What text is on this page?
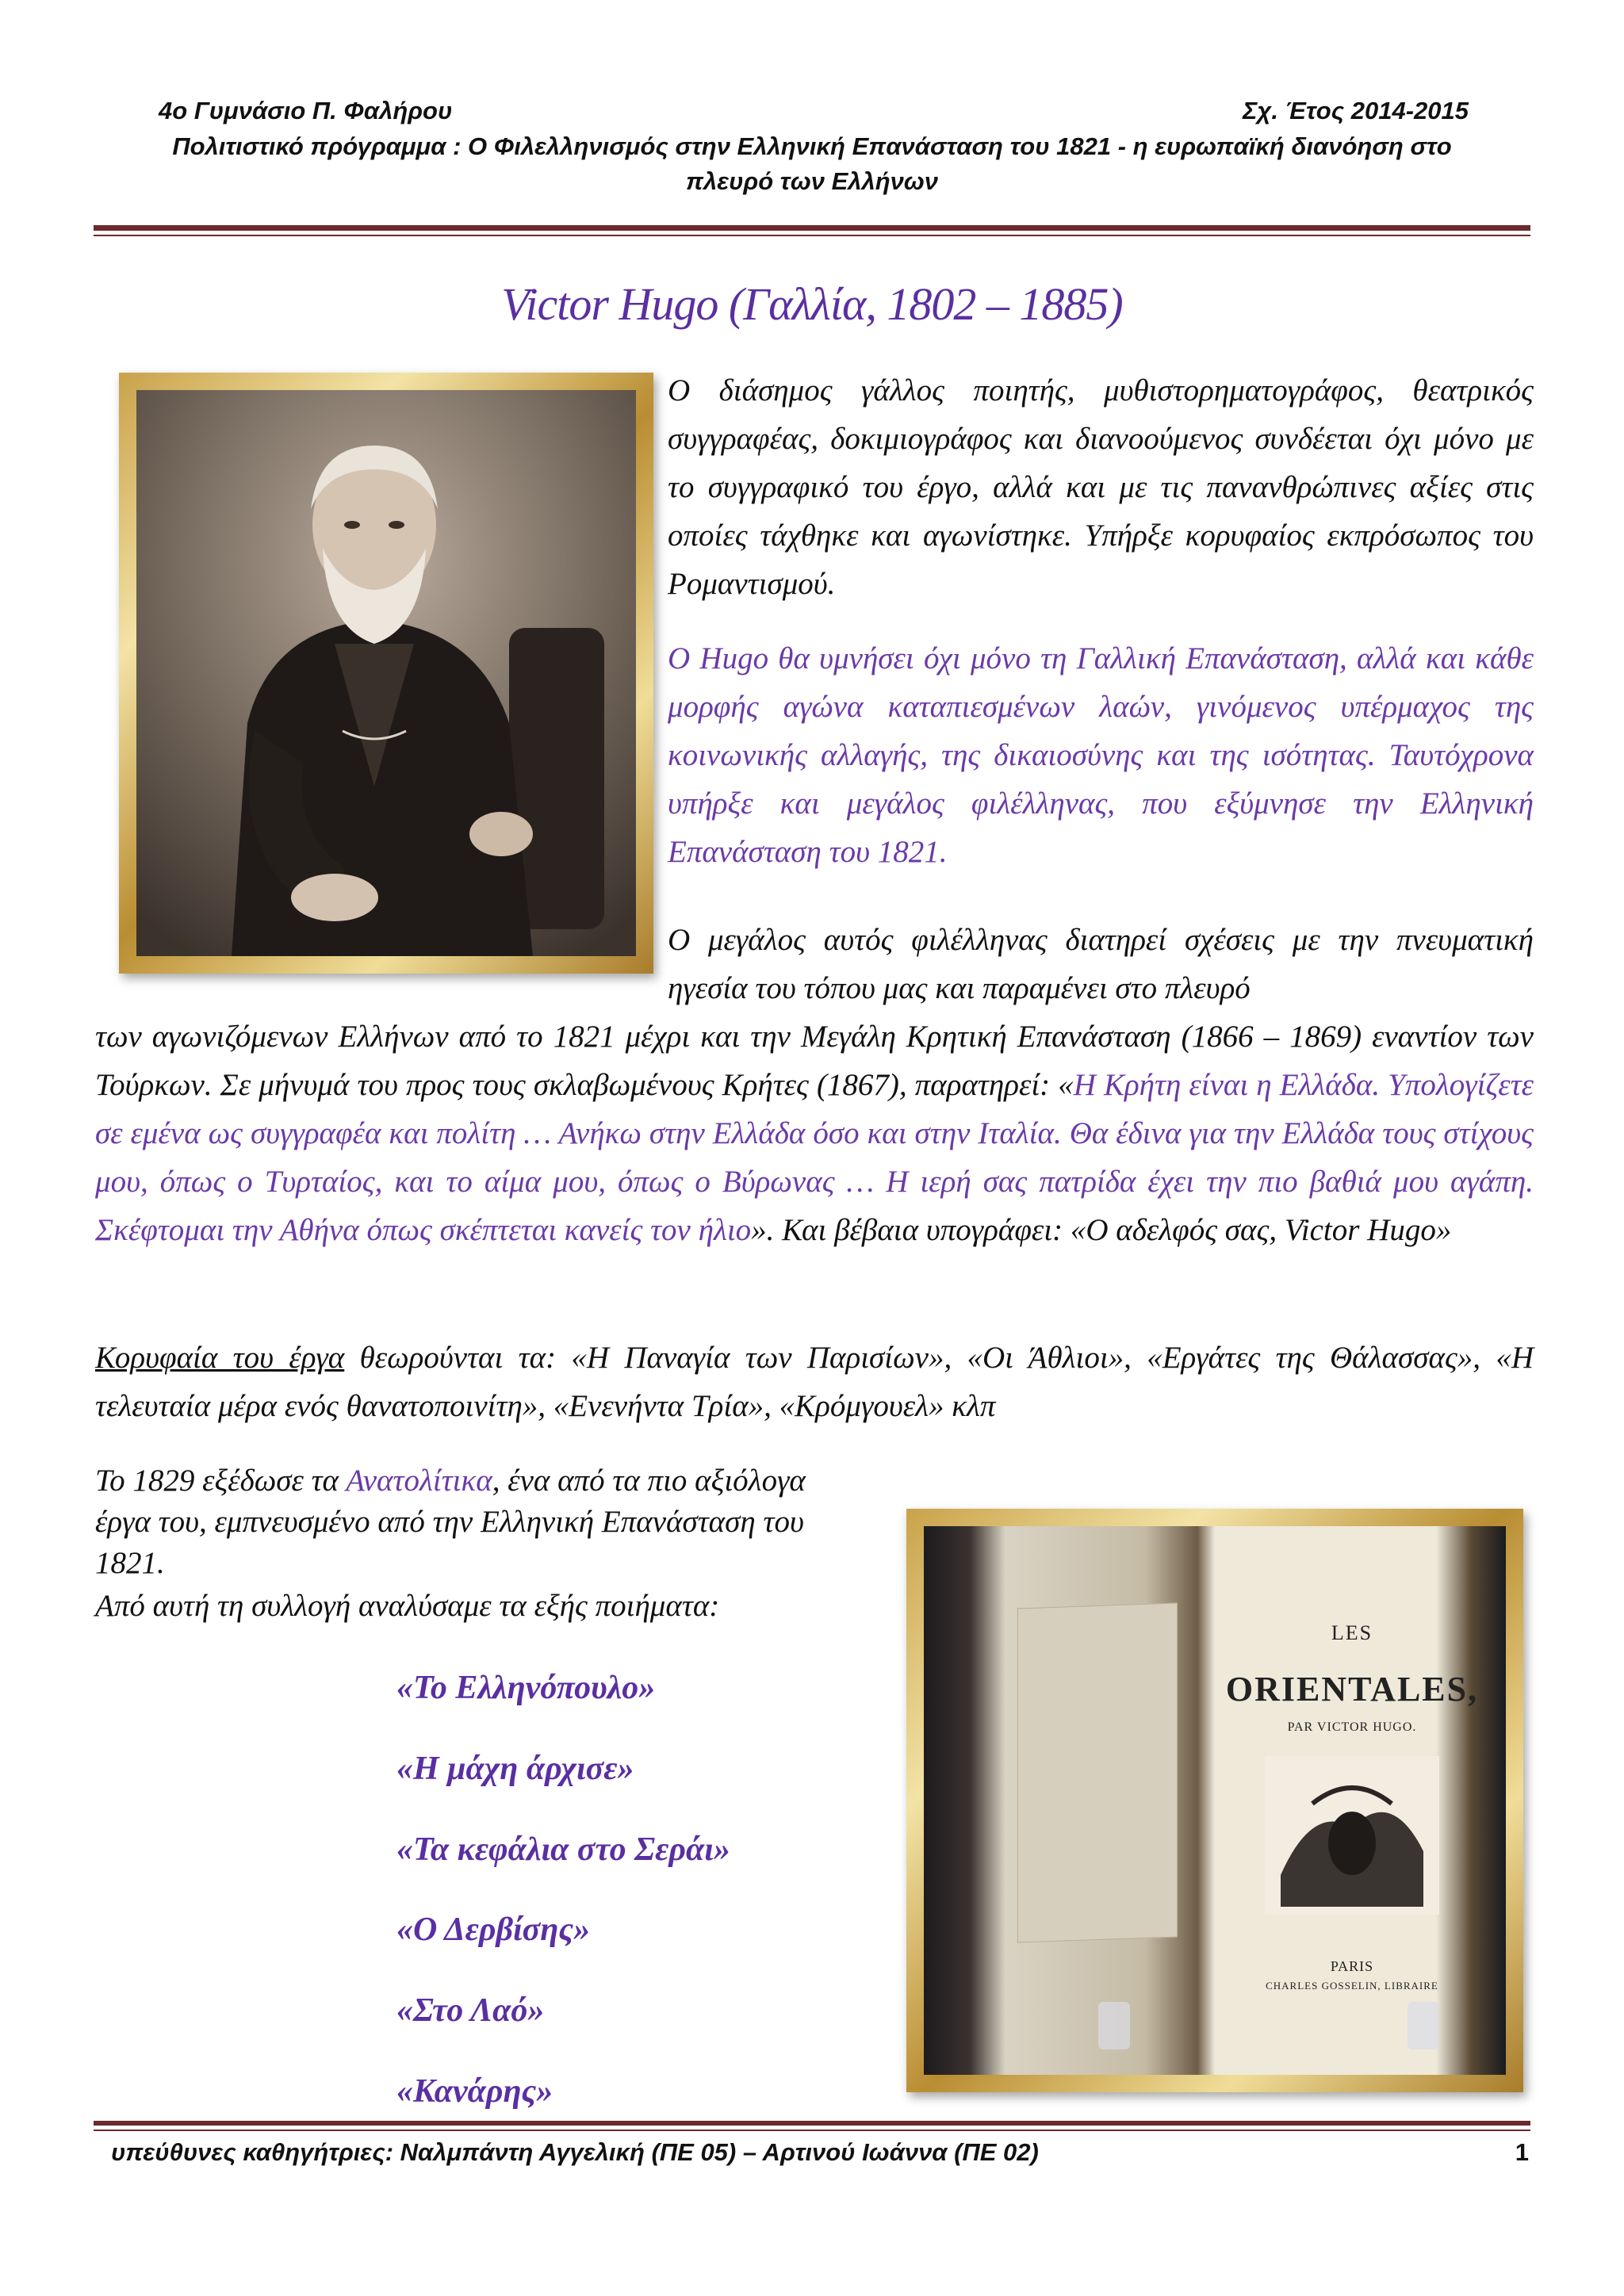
4ο Γυμνάσιο Π. Φαλήρου	Σχ. Έτος 2014-2015
Πολιτιστικό πρόγραμμα : Ο Φιλελληνισμός στην Ελληνική Επανάσταση του 1821 - η ευρωπαϊκή διανόηση στο
πλευρό των Ελλήνων
Victor Hugo (Γαλλία, 1802 – 1885)
Ο διάσημος γάλλος ποιητής, μυθιστορηματογράφος, θεατρικός συγγραφέας, δοκιμιογράφος και διανοούμενος συνδέεται όχι μόνο με το συγγραφικό του έργο, αλλά και με τις πανανθρώπινες αξίες στις οποίες τάχθηκε και αγωνίστηκε. Υπήρξε κορυφαίος εκπρόσωπος του Ρομαντισμού.
Ο Hugo θα υμνήσει όχι μόνο τη Γαλλική Επανάσταση, αλλά και κάθε μορφής αγώνα καταπιεσμένων λαών, γινόμενος υπέρμαχος της κοινωνικής αλλαγής, της δικαιοσύνης και της ισότητας. Ταυτόχρονα υπήρξε και μεγάλος φιλέλληνας, που εξύμνησε την Ελληνική Επανάσταση του 1821.
Ο μεγάλος αυτός φιλέλληνας διατηρεί σχέσεις με την πνευματική ηγεσία του τόπου μας και παραμένει στο πλευρό
των αγωνιζόμενων Ελλήνων από το 1821 μέχρι και την Μεγάλη Κρητική Επανάσταση (1866 – 1869) εναντίον των Τούρκων. Σε μήνυμά του προς τους σκλαβωμένους Κρήτες (1867), παρατηρεί: «Η Κρήτη είναι η Ελλάδα. Υπολογίζετε σε εμένα ως συγγραφέα και πολίτη … Ανήκω στην Ελλάδα όσο και στην Ιταλία. Θα έδινα για την Ελλάδα τους στίχους μου, όπως ο Τυρταίος, και το αίμα μου, όπως ο Βύρωνας … Η ιερή σας πατρίδα έχει την πιο βαθιά μου αγάπη. Σκέφτομαι την Αθήνα όπως σκέπτεται κανείς τον ήλιο». Και βέβαια υπογράφει: «Ο αδελφός σας, Victor Hugo»
Κορυφαία του έργα θεωρούνται τα: «Η Παναγία των Παρισίων», «Οι Άθλιοι», «Εργάτες της Θάλασσας», «Η τελευταία μέρα ενός θανατοποινίτη», «Ενενήντα Τρία», «Κρόμγουελ» κλπ
Το 1829 εξέδωσε τα Ανατολίτικα, ένα από τα πιο αξιόλογα έργα του, εμπνευσμένο από την Ελληνική Επανάσταση του 1821.
Από αυτή τη συλλογή αναλύσαμε τα εξής ποιήματα:
«Το Ελληνόπουλο»
«Η μάχη άρχισε»
«Τα κεφάλια στο Σεράι»
«Ο Δερβίσης»
«Στο Λαό»
«Κανάρης»
LES
ORIENTALES,
PAR VICTOR HUGO.
PARIS
CHARLES GOSSELIN, LIBRAIRE
υπεύθυνες καθηγήτριες: Ναλμπάντη Αγγελική (ΠΕ 05) – Αρτινού Ιωάννα (ΠΕ 02)	1
